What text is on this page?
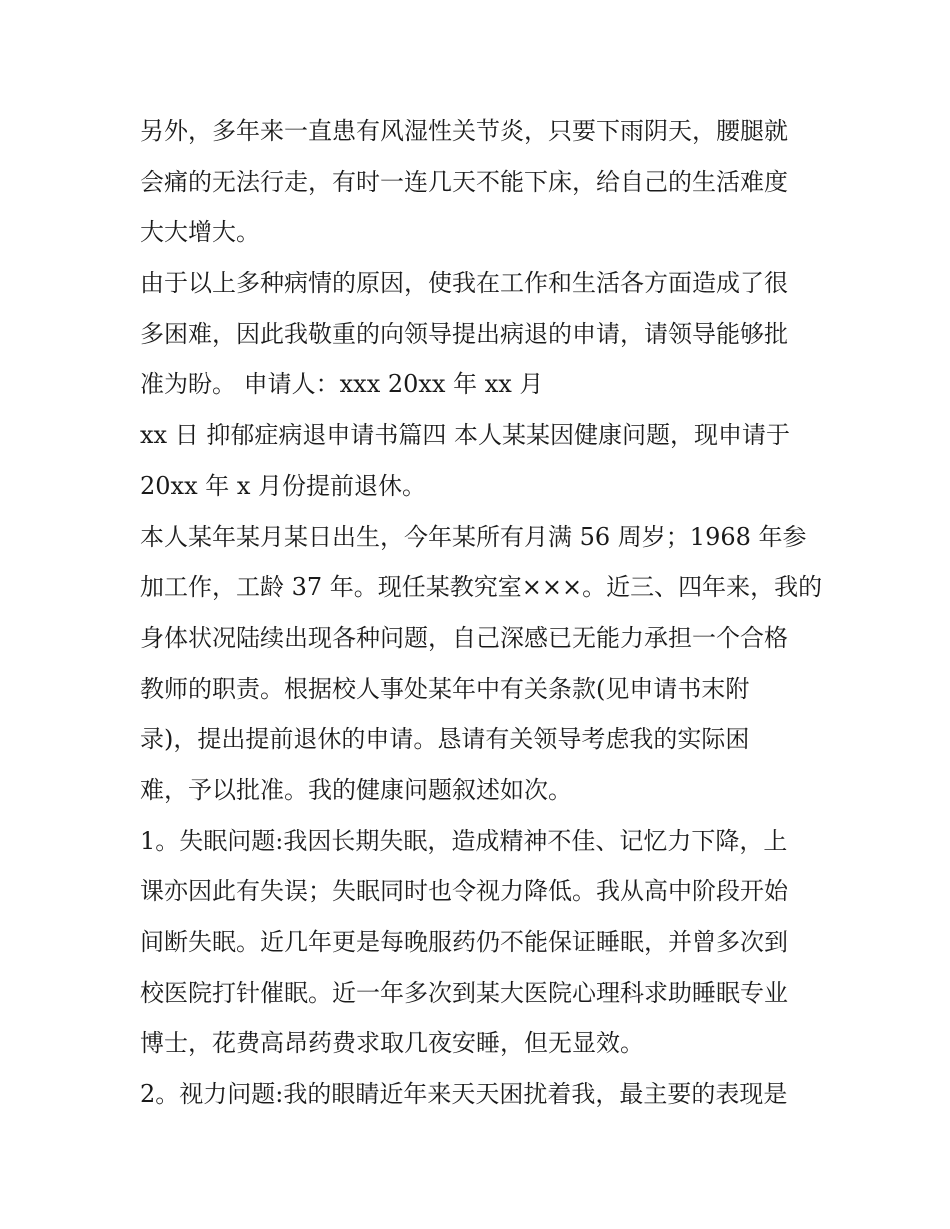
另外，多年来一直患有风湿性关节炎，只要下雨阴天，腰腿就
会痛的无法行走，有时一连几天不能下床，给自己的生活难度
大大增大。
由于以上多种病情的原因，使我在工作和生活各方面造成了很
多困难，因此我敬重的向领导提出病退的申请，请领导能够批
准为盼。 申请人：xxx 20xx 年 xx 月
xx 日 抑郁症病退申请书篇四 本人某某因健康问题，现申请于
20xx 年 x 月份提前退休。
本人某年某月某日出生，今年某所有月满 56 周岁；1968 年参
加工作，工龄 37 年。现任某教究室×××。近三、四年来，我的
身体状况陆续出现各种问题，自己深感已无能力承担一个合格
教师的职责。根据校人事处某年中有关条款(见申请书末附
录)，提出提前退休的申请。恳请有关领导考虑我的实际困
难，予以批准。我的健康问题叙述如次。
1。失眠问题:我因长期失眠，造成精神不佳、记忆力下降，上
课亦因此有失误；失眠同时也令视力降低。我从高中阶段开始
间断失眠。近几年更是每晚服药仍不能保证睡眠，并曾多次到
校医院打针催眠。近一年多次到某大医院心理科求助睡眠专业
博士，花费高昂药费求取几夜安睡，但无显效。
2。视力问题:我的眼睛近年来天天困扰着我，最主要的表现是
